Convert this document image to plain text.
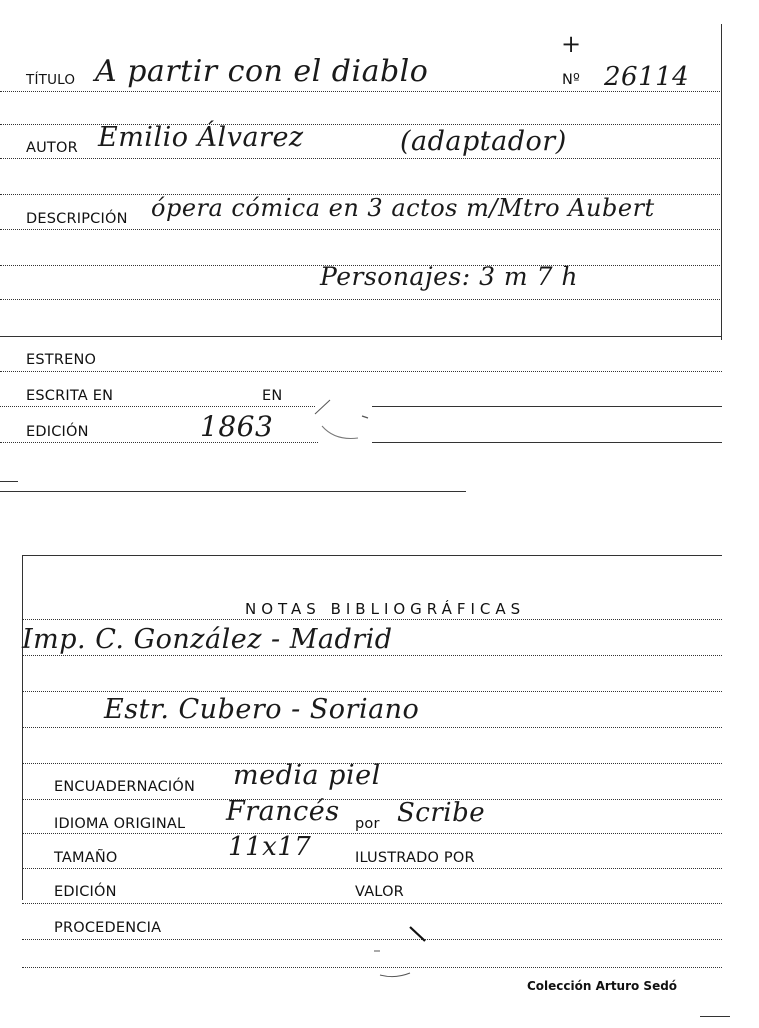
TÍTULO A partir con el diablo
+
Nº 26114
AUTOR Emilio Álvarez	(adaptador)
DESCRIPCIÓN ópera cómica en 3 actos m/Mtro Aubert
Personajes: 3 m 7 h
ESTRENO
ESCRITA EN	EN
EDICIÓN	1863
NOTAS BIBLIOGRÁFICAS
Imp. C. González - Madrid
Estr. Cubero - Soriano
ENCUADERNACIÓN media piel
IDIOMA ORIGINAL Francés por Scribe
TAMAÑO	11x17	ILUSTRADO POR
EDICIÓN	VALOR
PROCEDENCIA
Colección Arturo Sedó
